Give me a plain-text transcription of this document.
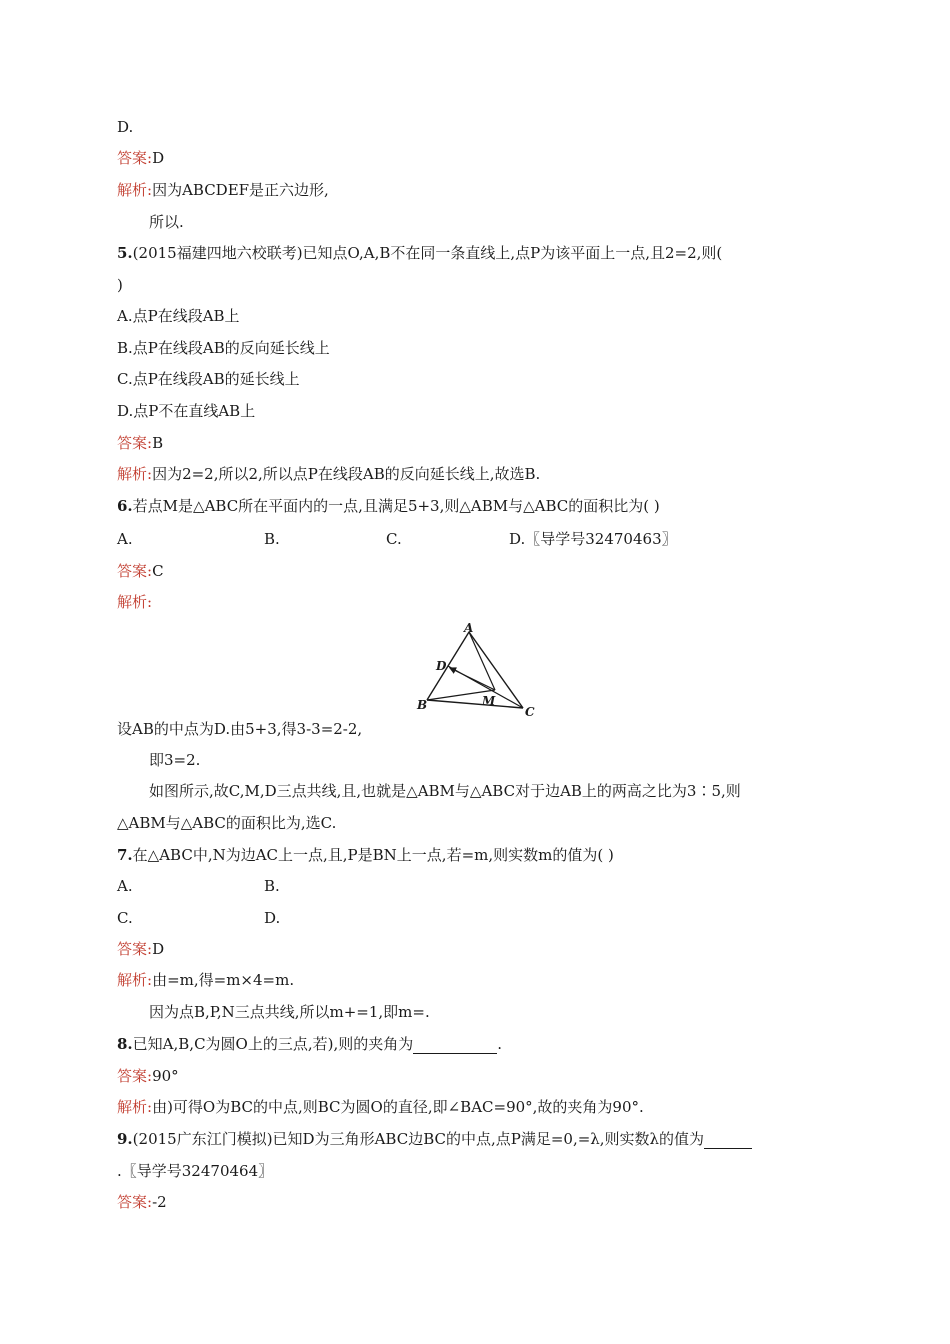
D.
答案:D
解析:因为ABCDEF是正六边形,
所以.
5.(2015福建四地六校联考)已知点O,A,B不在同一条直线上,点P为该平面上一点,且2=2,则(
)
A.点P在线段AB上
B.点P在线段AB的反向延长线上
C.点P在线段AB的延长线上
D.点P不在直线AB上
答案:B
解析:因为2=2,所以2,所以点P在线段AB的反向延长线上,故选B.
6.若点M是△ABC所在平面内的一点,且满足5+3,则△ABM与△ABC的面积比为( )
A.	B.	C.	D.〖导学号32470463〗
答案:C
解析:
A
B	C
D
M
设AB的中点为D.由5+3,得3-3=2-2,
即3=2.
如图所示,故C,M,D三点共线,且,也就是△ABM与△ABC对于边AB上的两高之比为3∶5,则
△ABM与△ABC的面积比为,选C.
7.在△ABC中,N为边AC上一点,且,P是BN上一点,若=m,则实数m的值为( )
A.	B.
C.	D.
答案:D
解析:由=m,得=m×4=m.
因为点B,P,N三点共线,所以m+=1,即m=.
8.已知A,B,C为圆O上的三点,若),则的夹角为	.
答案:90°
解析:由)可得O为BC的中点,则BC为圆O的直径,即∠BAC=90°,故的夹角为90°.
9.(2015广东江门模拟)已知D为三角形ABC边BC的中点,点P满足=0,=λ,则实数λ的值为
.〖导学号32470464〗
答案:-2
